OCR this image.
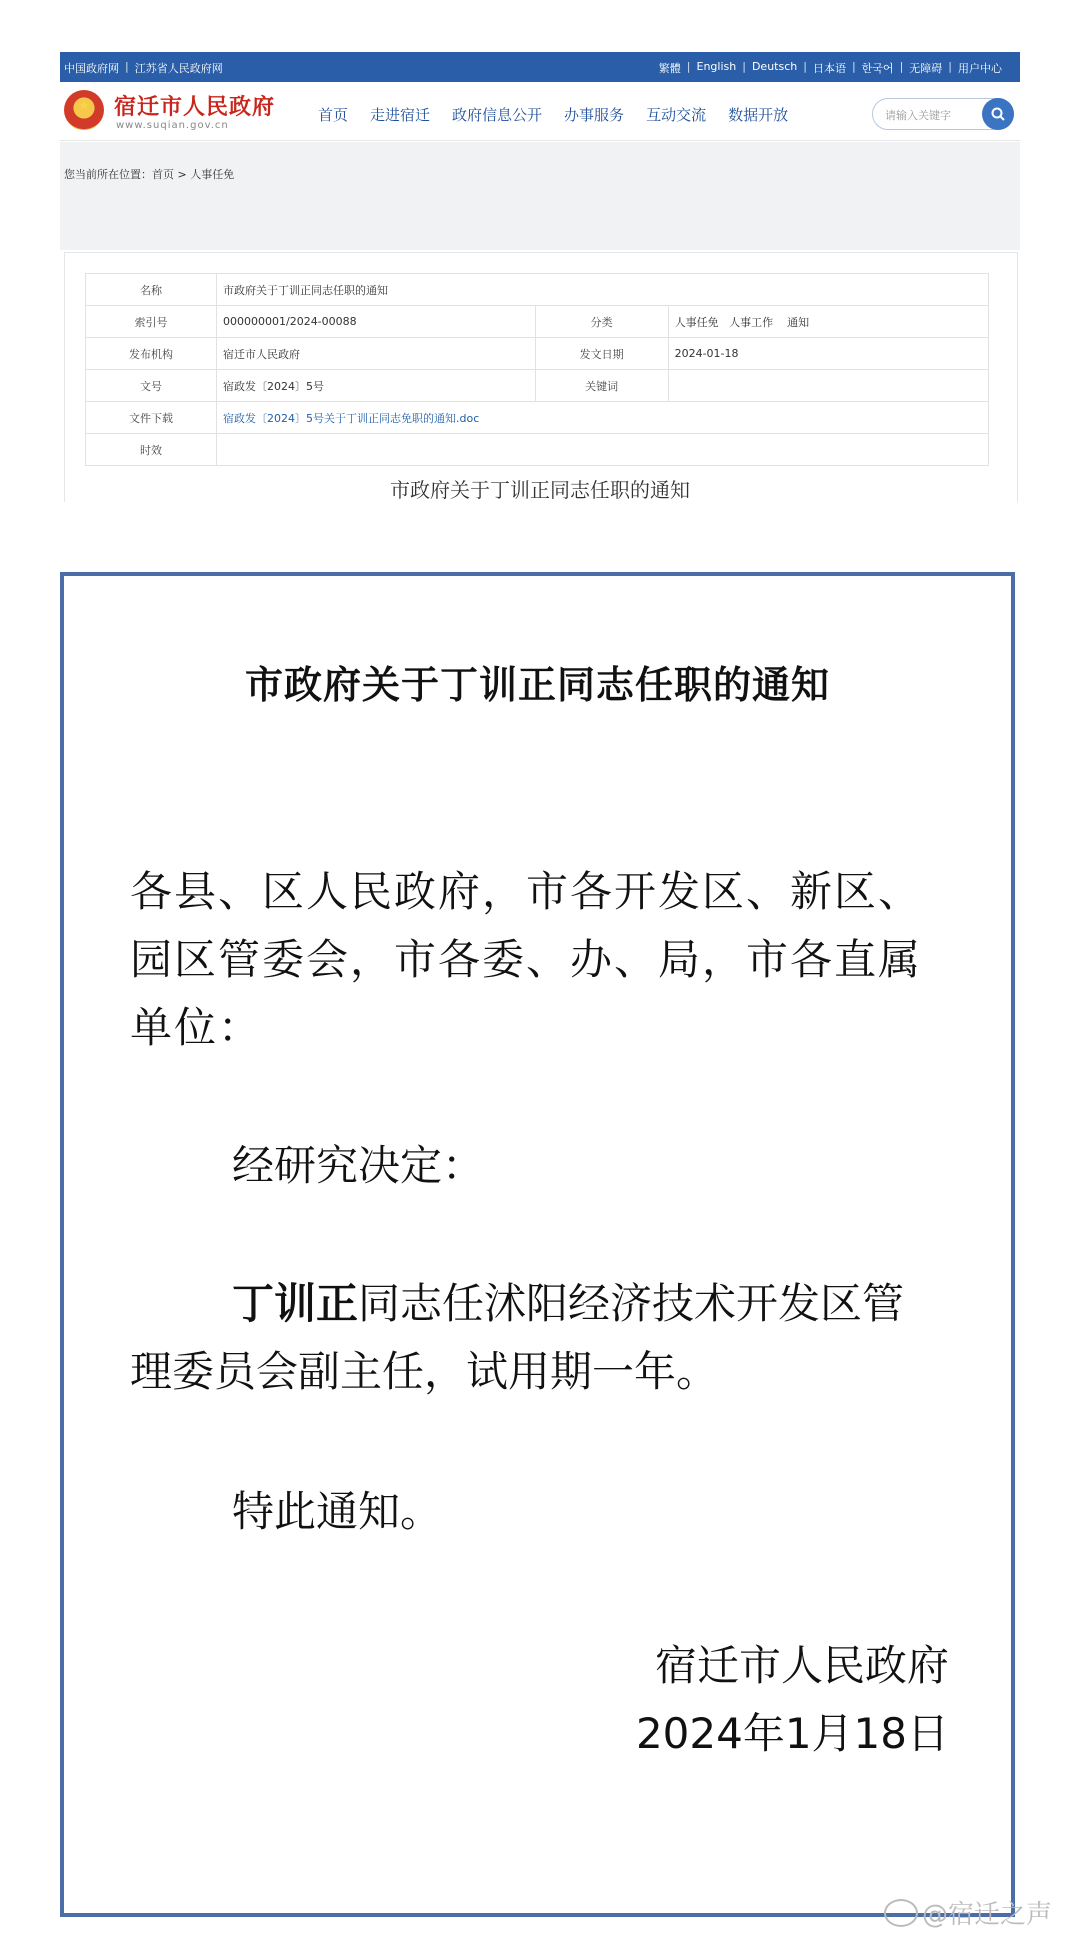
中国政府网 | 江苏省人民政府网	繁體 | English | Deutsch | 日本语 | 한국어 | 无障碍 | 用户中心
★
宿迁市人民政府
www.suqian.gov.cn
首页 走进宿迁 政府信息公开 办事服务 互动交流 数据开放	请输入关键字
您当前所在位置：首页 > 人事任免
名称	市政府关于丁训正同志任职的通知		
索引号	000000001/2024-00088	分类	人事任免   人事工作    通知
发布机构	宿迁市人民政府	发文日期	2024-01-18
文号	宿政发〔2024〕5号	关键词	
文件下载	宿政发〔2024〕5号关于丁训正同志免职的通知.doc		
时效			
市政府关于丁训正同志任职的通知
市政府关于丁训正同志任职的通知
各县、区人民政府，市各开发区、新区、园区管委会，市各委、办、局，市各直属单位：
经研究决定：
丁训正同志任沭阳经济技术开发区管理委员会副主任，试用期一年。
特此通知。
宿迁市人民政府
2024年1月18日
@宿迁之声
